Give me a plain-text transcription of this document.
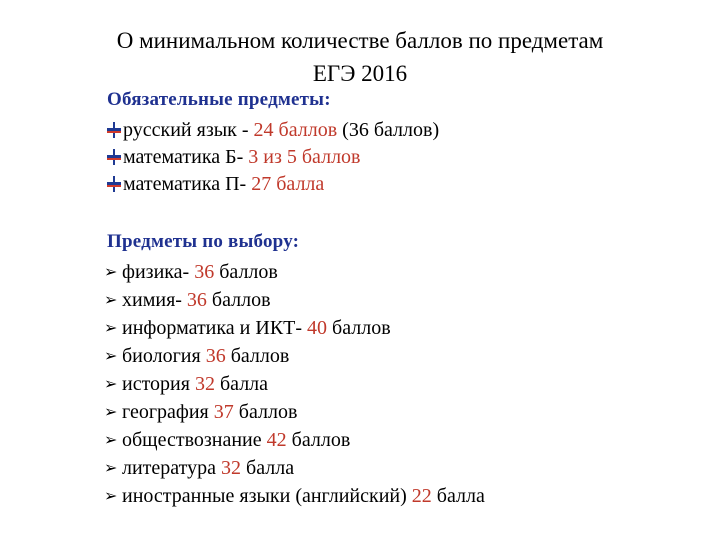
О минимальном количестве баллов по предметам
ЕГЭ 2016
Обязательные предметы:
русский язык - 24 баллов (36 баллов)
математика Б- 3 из 5 баллов
математика П- 27 балла
Предметы по выбору:
➢ физика- 36 баллов
➢ химия- 36 баллов
➢ информатика и ИКТ- 40 баллов
➢ биология 36 баллов
➢ история 32 балла
➢ география 37 баллов
➢ обществознание 42 баллов
➢ литература 32 балла
➢ иностранные языки (английский) 22 балла
